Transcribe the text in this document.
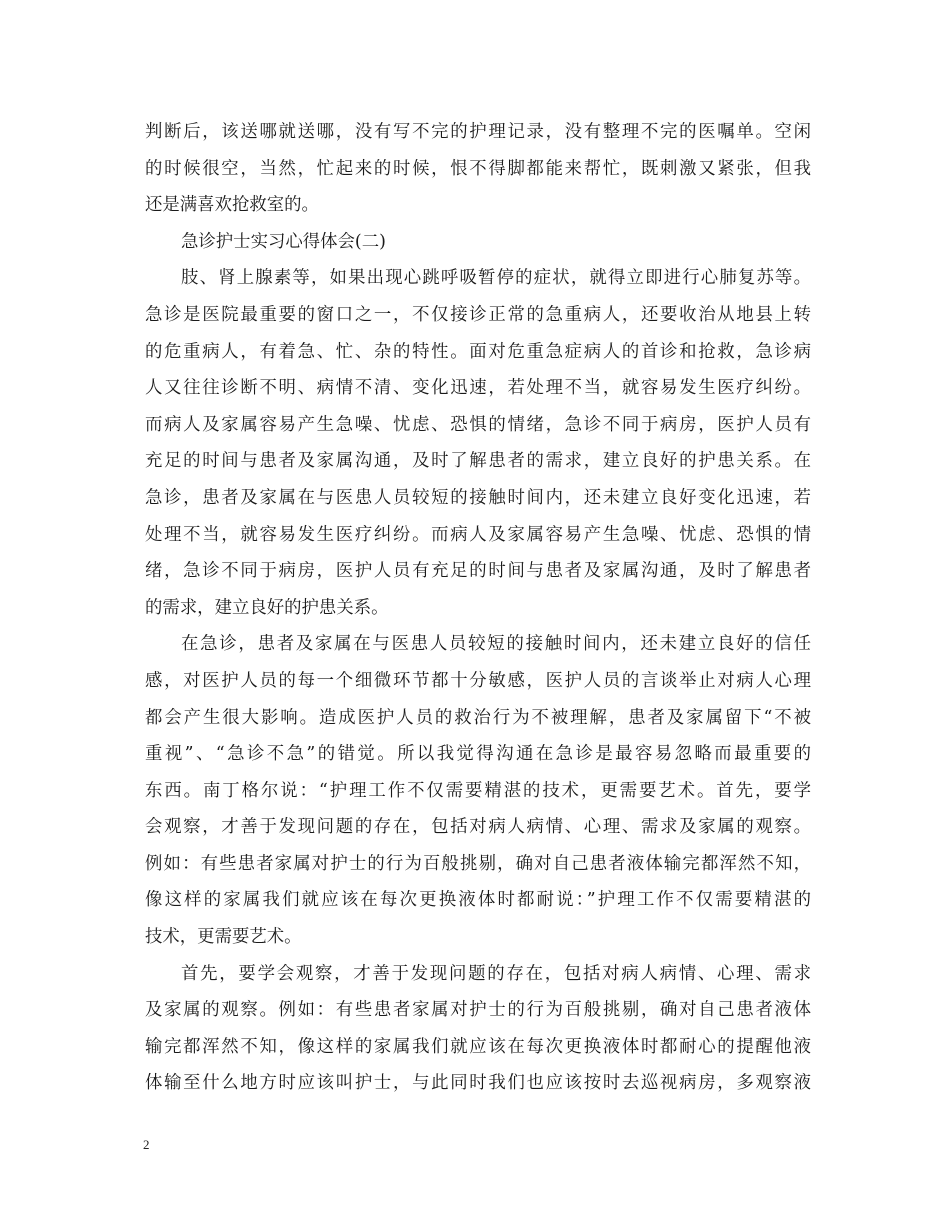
判断后，该送哪就送哪，没有写不完的护理记录，没有整理不完的医嘱单。空闲
的时候很空，当然，忙起来的时候，恨不得脚都能来帮忙，既刺激又紧张，但我
还是满喜欢抢救室的。
急诊护士实习心得体会(二)
肢、肾上腺素等，如果出现心跳呼吸暂停的症状，就得立即进行心肺复苏等。
急诊是医院最重要的窗口之一，不仅接诊正常的急重病人，还要收治从地县上转
的危重病人，有着急、忙、杂的特性。面对危重急症病人的首诊和抢救，急诊病
人又往往诊断不明、病情不清、变化迅速，若处理不当，就容易发生医疗纠纷。
而病人及家属容易产生急噪、忧虑、恐惧的情绪，急诊不同于病房，医护人员有
充足的时间与患者及家属沟通，及时了解患者的需求，建立良好的护患关系。在
急诊，患者及家属在与医患人员较短的接触时间内，还未建立良好变化迅速，若
处理不当，就容易发生医疗纠纷。而病人及家属容易产生急噪、忧虑、恐惧的情
绪，急诊不同于病房，医护人员有充足的时间与患者及家属沟通，及时了解患者
的需求，建立良好的护患关系。
在急诊，患者及家属在与医患人员较短的接触时间内，还未建立良好的信任
感，对医护人员的每一个细微环节都十分敏感，医护人员的言谈举止对病人心理
都会产生很大影响。造成医护人员的救治行为不被理解，患者及家属留下“不被
重视”、“急诊不急”的错觉。所以我觉得沟通在急诊是最容易忽略而最重要的
东西。南丁格尔说：“护理工作不仅需要精湛的技术，更需要艺术。首先，要学
会观察，才善于发现问题的存在，包括对病人病情、心理、需求及家属的观察。
例如：有些患者家属对护士的行为百般挑剔，确对自己患者液体输完都浑然不知，
像这样的家属我们就应该在每次更换液体时都耐说：”护理工作不仅需要精湛的
技术，更需要艺术。
首先，要学会观察，才善于发现问题的存在，包括对病人病情、心理、需求
及家属的观察。例如：有些患者家属对护士的行为百般挑剔，确对自己患者液体
输完都浑然不知，像这样的家属我们就应该在每次更换液体时都耐心的提醒他液
体输至什么地方时应该叫护士，与此同时我们也应该按时去巡视病房，多观察液
2
